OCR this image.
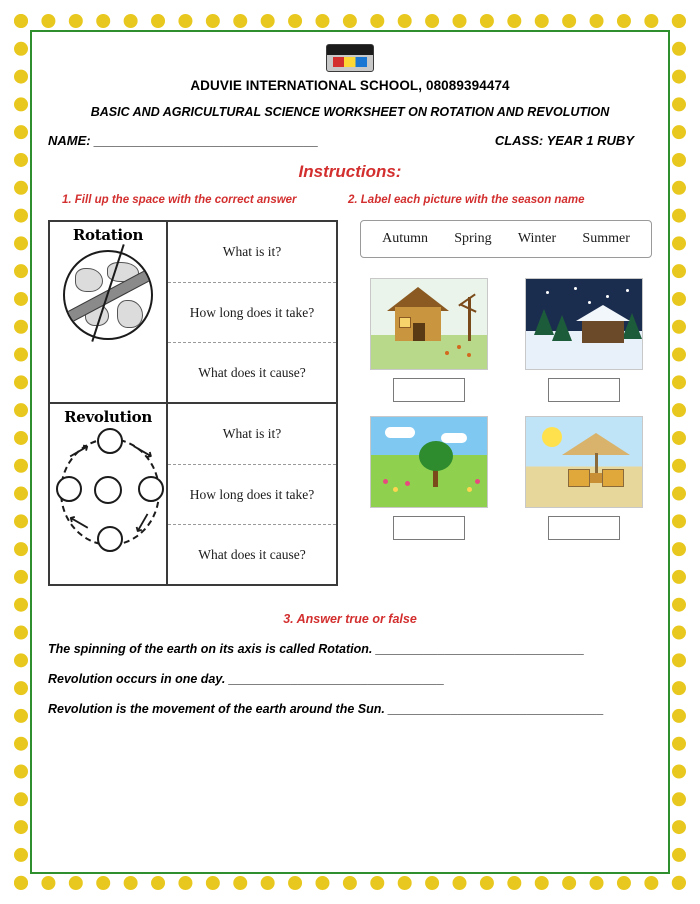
ADUVIE INTERNATIONAL SCHOOL, 08089394474
BASIC AND AGRICULTURAL SCIENCE WORKSHEET ON ROTATION AND REVOLUTION
NAME: _______________________________	CLASS: YEAR 1 RUBY
Instructions:
1. Fill up the space with the correct answer	2. Label each picture with the season name
Rotation
What is it?
How long does it take?
What does it cause?
Revolution
⟶ ⟶
⟶
⟶
What is it?
How long does it take?
What does it cause?
Autumn Spring Winter Summer
3. Answer true or false
The spinning of the earth on its axis is called Rotation. ______________________________
Revolution occurs in one day. _______________________________
Revolution is the movement of the earth around the Sun. _______________________________
